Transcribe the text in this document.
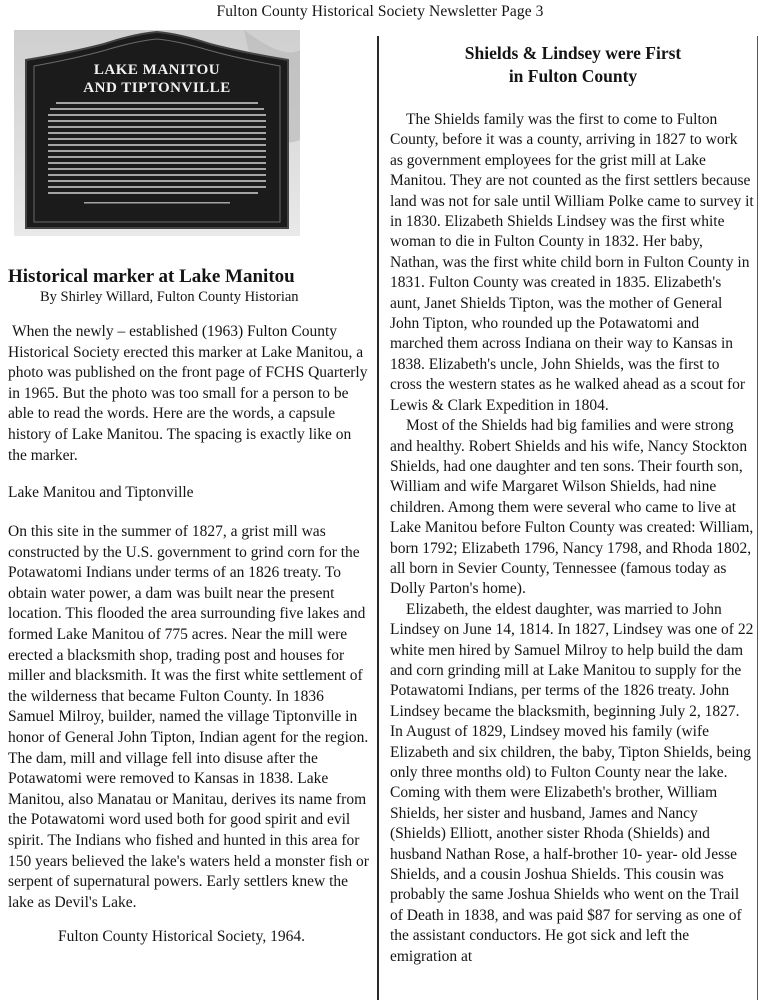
Fulton County Historical Society Newsletter Page 3
LAKE MANITOU
AND TIPTONVILLE
Historical marker at Lake Manitou
By Shirley Willard, Fulton County Historian

When the newly – established (1963) Fulton County Historical Society erected this marker at Lake Manitou, a photo was published on the front page of FCHS Quarterly in 1965. But the photo was too small for a person to be able to read the words. Here are the words, a capsule history of Lake Manitou. The spacing is exactly like on the marker.

Lake Manitou and Tiptonville

On this site in the summer of 1827, a grist mill was constructed by the U.S. government to grind corn for the Potawatomi Indians under terms of an 1826 treaty. To obtain water power, a dam was built near the present location. This flooded the area surrounding five lakes and formed Lake Manitou of 775 acres. Near the mill were erected a blacksmith shop, trading post and houses for miller and blacksmith. It was the first white settlement of the wilderness that became Fulton County. In 1836 Samuel Milroy, builder, named the village Tiptonville in honor of General John Tipton, Indian agent for the region. The dam, mill and village fell into disuse after the Potawatomi were removed to Kansas in 1838. Lake Manitou, also Manatau or Manitau, derives its name from the Potawatomi word used both for good spirit and evil spirit. The Indians who fished and hunted in this area for 150 years believed the lake's waters held a monster fish or serpent of supernatural powers. Early settlers knew the lake as Devil's Lake.

Fulton County Historical Society, 1964.
Shields & Lindsey were First
in Fulton County

The Shields family was the first to come to Fulton County, before it was a county, arriving in 1827 to work as government employees for the grist mill at Lake Manitou. They are not counted as the first settlers because land was not for sale until William Polke came to survey it in 1830. Elizabeth Shields Lindsey was the first white woman to die in Fulton County in 1832. Her baby, Nathan, was the first white child born in Fulton County in 1831. Fulton County was created in 1835. Elizabeth's aunt, Janet Shields Tipton, was the mother of General John Tipton, who rounded up the Potawatomi and marched them across Indiana on their way to Kansas in 1838. Elizabeth's uncle, John Shields, was the first to cross the western states as he walked ahead as a scout for Lewis & Clark Expedition in 1804.

Most of the Shields had big families and were strong and healthy. Robert Shields and his wife, Nancy Stockton Shields, had one daughter and ten sons. Their fourth son, William and wife Margaret Wilson Shields, had nine children. Among them were several who came to live at Lake Manitou before Fulton County was created: William, born 1792; Elizabeth 1796, Nancy 1798, and Rhoda 1802, all born in Sevier County, Tennessee (famous today as Dolly Parton's home).

Elizabeth, the eldest daughter, was married to John Lindsey on June 14, 1814. In 1827, Lindsey was one of 22 white men hired by Samuel Milroy to help build the dam and corn grinding mill at Lake Manitou to supply for the Potawatomi Indians, per terms of the 1826 treaty. John Lindsey became the blacksmith, beginning July 2, 1827. In August of 1829, Lindsey moved his family (wife Elizabeth and six children, the baby, Tipton Shields, being only three months old) to Fulton County near the lake. Coming with them were Elizabeth's brother, William Shields, her sister and husband, James and Nancy (Shields) Elliott, another sister Rhoda (Shields) and husband Nathan Rose, a half-brother 10- year- old Jesse Shields, and a cousin Joshua Shields. This cousin was probably the same Joshua Shields who went on the Trail of Death in 1838, and was paid $87 for serving as one of the assistant conductors. He got sick and left the emigration at
